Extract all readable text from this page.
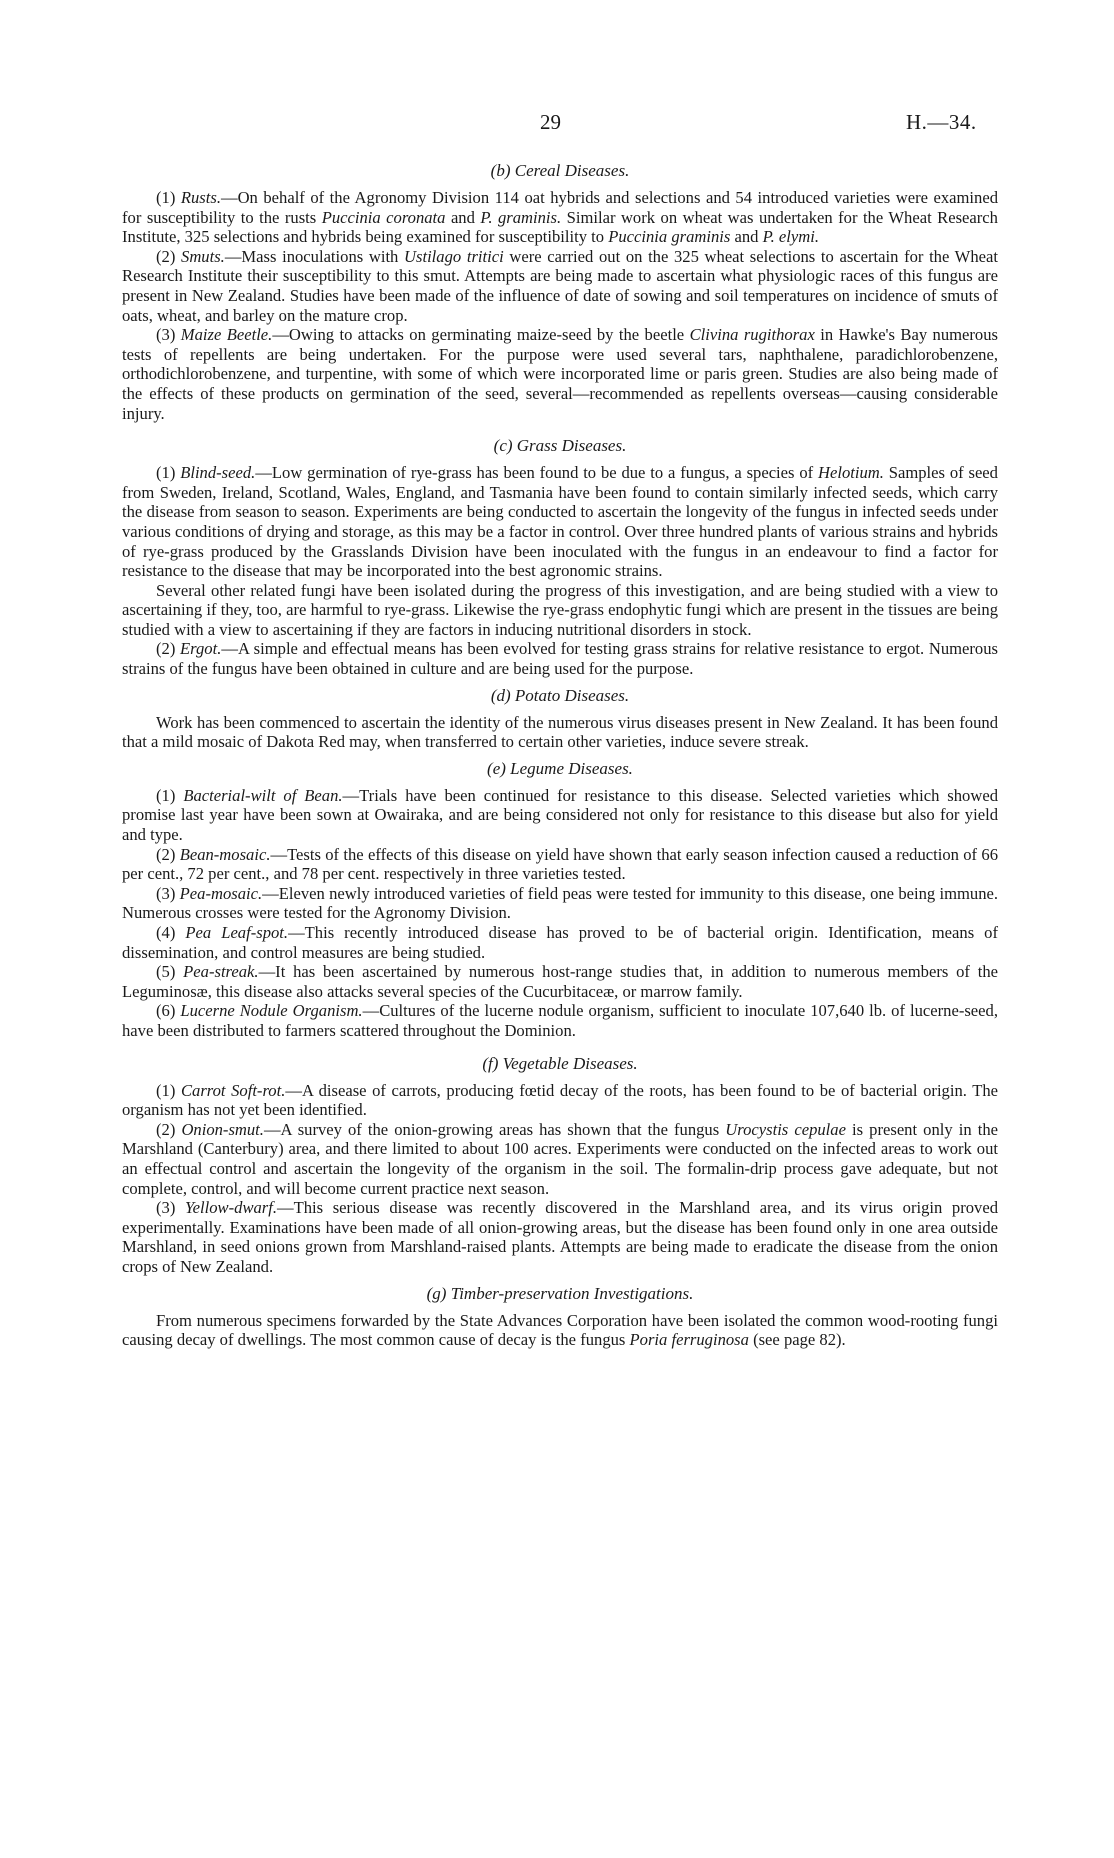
29	H.—34.
(b) Cereal Diseases.

(1) Rusts.—On behalf of the Agronomy Division 114 oat hybrids and selections and 54 introduced varieties were examined for susceptibility to the rusts Puccinia coronata and P. graminis. Similar work on wheat was undertaken for the Wheat Research Institute, 325 selections and hybrids being examined for susceptibility to Puccinia graminis and P. elymi.

(2) Smuts.—Mass inoculations with Ustilago tritici were carried out on the 325 wheat selections to ascertain for the Wheat Research Institute their susceptibility to this smut. Attempts are being made to ascertain what physiologic races of this fungus are present in New Zealand. Studies have been made of the influence of date of sowing and soil temperatures on incidence of smuts of oats, wheat, and barley on the mature crop.

(3) Maize Beetle.—Owing to attacks on germinating maize-seed by the beetle Clivina rugithorax in Hawke's Bay numerous tests of repellents are being undertaken. For the purpose were used several tars, naphthalene, paradichlorobenzene, orthodichlorobenzene, and turpentine, with some of which were incorporated lime or paris green. Studies are also being made of the effects of these products on germination of the seed, several—recommended as repellents overseas—causing considerable injury.

(c) Grass Diseases.

(1) Blind-seed.—Low germination of rye-grass has been found to be due to a fungus, a species of Helotium. Samples of seed from Sweden, Ireland, Scotland, Wales, England, and Tasmania have been found to contain similarly infected seeds, which carry the disease from season to season. Experiments are being conducted to ascertain the longevity of the fungus in infected seeds under various conditions of drying and storage, as this may be a factor in control. Over three hundred plants of various strains and hybrids of rye-grass produced by the Grasslands Division have been inoculated with the fungus in an endeavour to find a factor for resistance to the disease that may be incorporated into the best agronomic strains.

Several other related fungi have been isolated during the progress of this investigation, and are being studied with a view to ascertaining if they, too, are harmful to rye-grass. Likewise the rye-grass endophytic fungi which are present in the tissues are being studied with a view to ascertaining if they are factors in inducing nutritional disorders in stock.

(2) Ergot.—A simple and effectual means has been evolved for testing grass strains for relative resistance to ergot. Numerous strains of the fungus have been obtained in culture and are being used for the purpose.

(d) Potato Diseases.

Work has been commenced to ascertain the identity of the numerous virus diseases present in New Zealand. It has been found that a mild mosaic of Dakota Red may, when transferred to certain other varieties, induce severe streak.

(e) Legume Diseases.

(1) Bacterial-wilt of Bean.—Trials have been continued for resistance to this disease. Selected varieties which showed promise last year have been sown at Owairaka, and are being considered not only for resistance to this disease but also for yield and type.

(2) Bean-mosaic.—Tests of the effects of this disease on yield have shown that early season infection caused a reduction of 66 per cent., 72 per cent., and 78 per cent. respectively in three varieties tested.

(3) Pea-mosaic.—Eleven newly introduced varieties of field peas were tested for immunity to this disease, one being immune. Numerous crosses were tested for the Agronomy Division.

(4) Pea Leaf-spot.—This recently introduced disease has proved to be of bacterial origin. Identification, means of dissemination, and control measures are being studied.

(5) Pea-streak.—It has been ascertained by numerous host-range studies that, in addition to numerous members of the Leguminosæ, this disease also attacks several species of the Cucurbitaceæ, or marrow family.

(6) Lucerne Nodule Organism.—Cultures of the lucerne nodule organism, sufficient to inoculate 107,640 lb. of lucerne-seed, have been distributed to farmers scattered throughout the Dominion.

(f) Vegetable Diseases.

(1) Carrot Soft-rot.—A disease of carrots, producing fœtid decay of the roots, has been found to be of bacterial origin. The organism has not yet been identified.

(2) Onion-smut.—A survey of the onion-growing areas has shown that the fungus Urocystis cepulae is present only in the Marshland (Canterbury) area, and there limited to about 100 acres. Experiments were conducted on the infected areas to work out an effectual control and ascertain the longevity of the organism in the soil. The formalin-drip process gave adequate, but not complete, control, and will become current practice next season.

(3) Yellow-dwarf.—This serious disease was recently discovered in the Marshland area, and its virus origin proved experimentally. Examinations have been made of all onion-growing areas, but the disease has been found only in one area outside Marshland, in seed onions grown from Marshland-raised plants. Attempts are being made to eradicate the disease from the onion crops of New Zealand.

(g) Timber-preservation Investigations.

From numerous specimens forwarded by the State Advances Corporation have been isolated the common wood-rooting fungi causing decay of dwellings. The most common cause of decay is the fungus Poria ferruginosa (see page 82).
